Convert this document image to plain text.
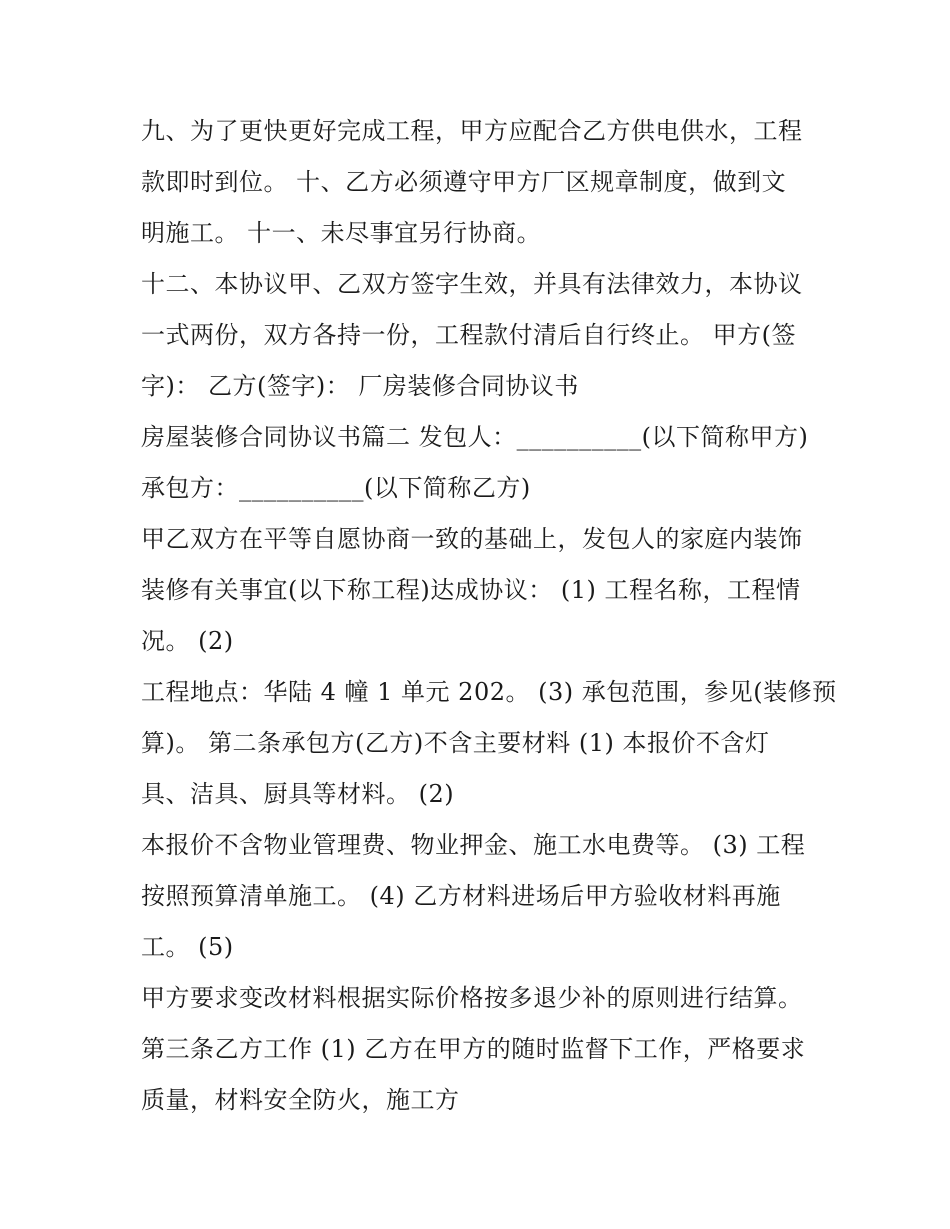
九、为了更快更好完成工程，甲方应配合乙方供电供水，工程
款即时到位。 十、乙方必须遵守甲方厂区规章制度，做到文
明施工。 十一、未尽事宜另行协商。
十二、本协议甲、乙双方签字生效，并具有法律效力，本协议
一式两份，双方各持一份，工程款付清后自行终止。 甲方(签
字)： 乙方(签字)： 厂房装修合同协议书
房屋装修合同协议书篇二 发包人：__________(以下简称甲方)
承包方：__________(以下简称乙方)
甲乙双方在平等自愿协商一致的基础上，发包人的家庭内装饰
装修有关事宜(以下称工程)达成协议： (1) 工程名称，工程情
况。 (2)
工程地点：华陆 4 幢 1 单元 202。 (3) 承包范围，参见(装修预
算)。 第二条承包方(乙方)不含主要材料 (1) 本报价不含灯
具、洁具、厨具等材料。 (2)
本报价不含物业管理费、物业押金、施工水电费等。 (3) 工程
按照预算清单施工。 (4) 乙方材料进场后甲方验收材料再施
工。 (5)
甲方要求变改材料根据实际价格按多退少补的原则进行结算。
第三条乙方工作 (1) 乙方在甲方的随时监督下工作，严格要求
质量，材料安全防火，施工方
